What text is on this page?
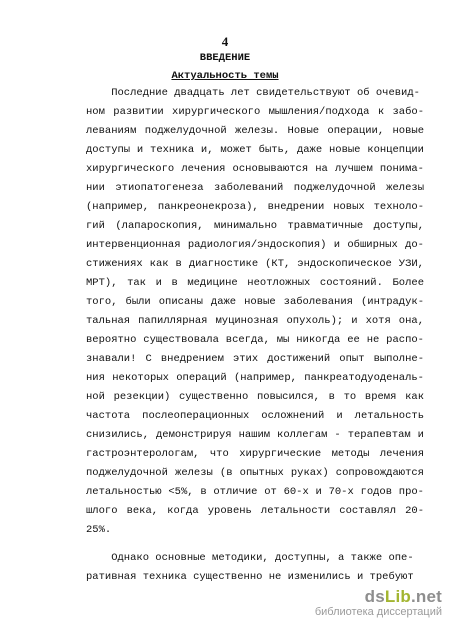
4
ВВЕДЕНИЕ
Актуальность темы
Последние двадцать лет свидетельствуют об очевид-
ном развитии хирургического мышления/подхода к забо-
леваниям поджелудочной железы. Новые операции, новые
доступы и техника и, может быть, даже новые концепции
хирургического лечения основываются на лучшем понима-
нии этиопатогенеза заболеваний поджелудочной железы
(например, панкреонекроза), внедрении новых техноло-
гий (лапароскопия, минимально травматичные доступы,
интервенционная радиология/эндоскопия) и обширных до-
стижениях как в диагностике (КТ, эндоскопическое УЗИ,
МРТ), так и в медицине неотложных состояний. Более
того, были описаны даже новые заболевания (интрадук-
тальная папиллярная муцинозная опухоль); и хотя она,
вероятно существовала всегда, мы никогда ее не распо-
знавали! С внедрением этих достижений опыт выполне-
ния некоторых операций (например, панкреатодуоденаль-
ной резекции) существенно повысился, в то время как
частота послеоперационных осложнений и летальность
снизились, демонстрируя нашим коллегам - терапевтам и
гастроэнтерологам, что хирургические методы лечения
поджелудочной железы (в опытных руках) сопровождаются
летальностью <5%, в отличие от 60-х и 70-х годов про-
шлого века, когда уровень летальности составлял 20-
25%.
Однако основные методики, доступны, а также опе-
ративная техника существенно не изменились и требуют
dsLib.net
библиотека диссертаций
